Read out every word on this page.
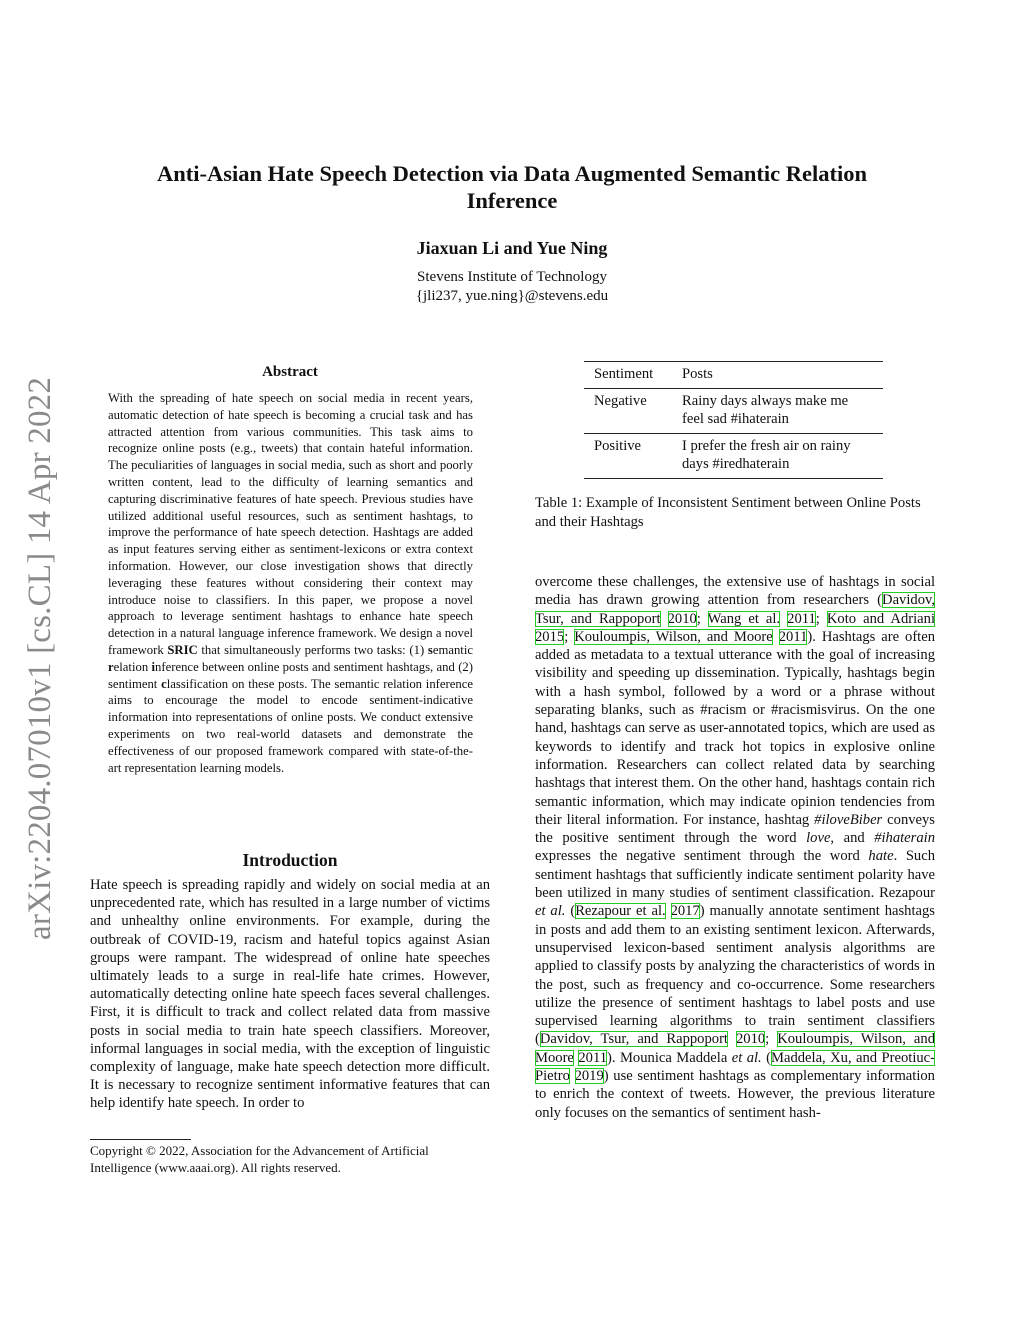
arXiv:2204.07010v1 [cs.CL] 14 Apr 2022
Anti-Asian Hate Speech Detection via Data Augmented Semantic Relation Inference
Jiaxuan Li and Yue Ning
Stevens Institute of Technology
{jli237, yue.ning}@stevens.edu
Abstract
With the spreading of hate speech on social media in recent years, automatic detection of hate speech is becoming a crucial task and has attracted attention from various communities. This task aims to recognize online posts (e.g., tweets) that contain hateful information. The peculiarities of languages in social media, such as short and poorly written content, lead to the difficulty of learning semantics and capturing discriminative features of hate speech. Previous studies have utilized additional useful resources, such as sentiment hashtags, to improve the performance of hate speech detection. Hashtags are added as input features serving either as sentiment-lexicons or extra context information. However, our close investigation shows that directly leveraging these features without considering their context may introduce noise to classifiers. In this paper, we propose a novel approach to leverage sentiment hashtags to enhance hate speech detection in a natural language inference framework. We design a novel framework SRIC that simultaneously performs two tasks: (1) semantic relation inference between online posts and sentiment hashtags, and (2) sentiment classification on these posts. The semantic relation inference aims to encourage the model to encode sentiment-indicative information into representations of online posts. We conduct extensive experiments on two real-world datasets and demonstrate the effectiveness of our proposed framework compared with state-of-the-art representation learning models.
Introduction
Hate speech is spreading rapidly and widely on social media at an unprecedented rate, which has resulted in a large number of victims and unhealthy online environments. For example, during the outbreak of COVID-19, racism and hateful topics against Asian groups were rampant. The widespread of online hate speeches ultimately leads to a surge in real-life hate crimes. However, automatically detecting online hate speech faces several challenges. First, it is difficult to track and collect related data from massive posts in social media to train hate speech classifiers. Moreover, informal languages in social media, with the exception of linguistic complexity of language, make hate speech detection more difficult. It is necessary to recognize sentiment informative features that can help identify hate speech. In order to
Copyright © 2022, Association for the Advancement of Artificial Intelligence (www.aaai.org). All rights reserved.
Sentiment	Posts
Negative	Rainy days always make me feel sad #ihaterain
Positive	I prefer the fresh air on rainy days #iredhaterain
Table 1: Example of Inconsistent Sentiment between Online Posts and their Hashtags
overcome these challenges, the extensive use of hashtags in social media has drawn growing attention from researchers (Davidov, Tsur, and Rappoport 2010; Wang et al. 2011; Koto and Adriani 2015; Kouloumpis, Wilson, and Moore 2011). Hashtags are often added as metadata to a textual utterance with the goal of increasing visibility and speeding up dissemination. Typically, hashtags begin with a hash symbol, followed by a word or a phrase without separating blanks, such as #racism or #racismisvirus. On the one hand, hashtags can serve as user-annotated topics, which are used as keywords to identify and track hot topics in explosive online information. Researchers can collect related data by searching hashtags that interest them. On the other hand, hashtags contain rich semantic information, which may indicate opinion tendencies from their literal information. For instance, hashtag #iloveBiber conveys the positive sentiment through the word love, and #ihaterain expresses the negative sentiment through the word hate. Such sentiment hashtags that sufficiently indicate sentiment polarity have been utilized in many studies of sentiment classification. Rezapour et al. (Rezapour et al. 2017) manually annotate sentiment hashtags in posts and add them to an existing sentiment lexicon. Afterwards, unsupervised lexicon-based sentiment analysis algorithms are applied to classify posts by analyzing the characteristics of words in the post, such as frequency and co-occurrence. Some researchers utilize the presence of sentiment hashtags to label posts and use supervised learning algorithms to train sentiment classifiers (Davidov, Tsur, and Rappoport 2010; Kouloumpis, Wilson, and Moore 2011). Mounica Maddela et al. (Maddela, Xu, and Preotiuc-Pietro 2019) use sentiment hashtags as complementary information to enrich the context of tweets. However, the previous literature only focuses on the semantics of sentiment hash-
